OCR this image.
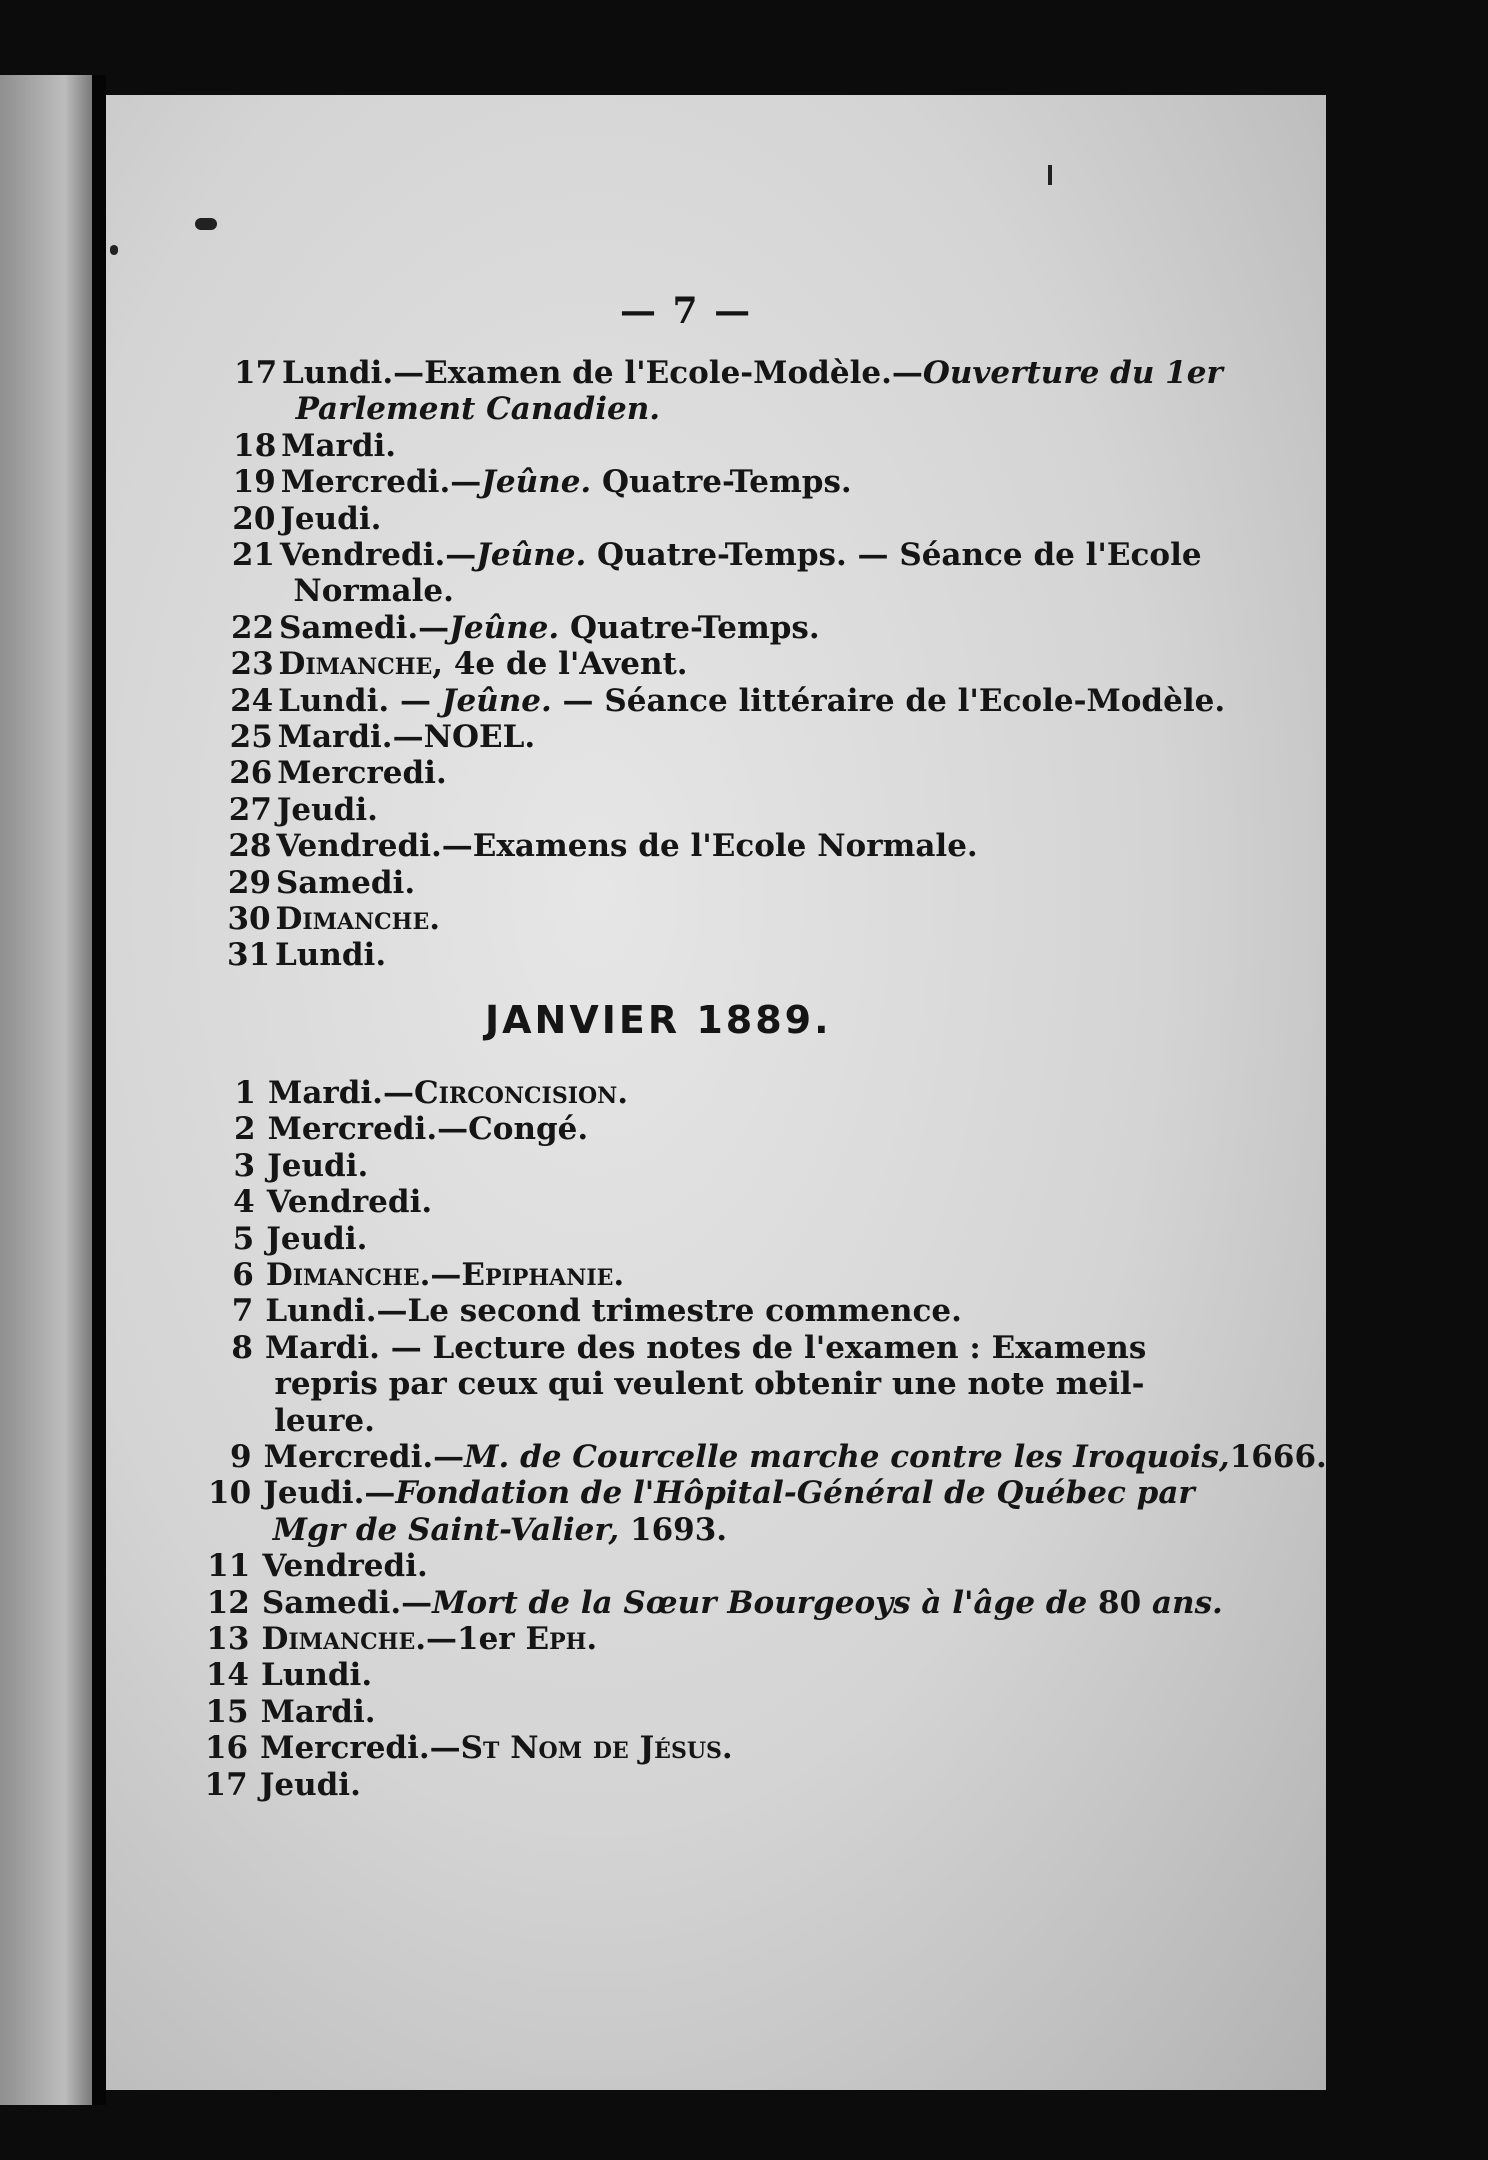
— 7 —
17 Lundi.—Examen de l'Ecole-Modèle.—Ouverture du 1er
Parlement Canadien.
18 Mardi.
19 Mercredi.—Jeûne. Quatre-Temps.
20 Jeudi.
21 Vendredi.—Jeûne. Quatre-Temps. — Séance de l'Ecole
Normale.
22 Samedi.—Jeûne. Quatre-Temps.
23 Dimanche, 4e de l'Avent.
24 Lundi. — Jeûne. — Séance littéraire de l'Ecole-Modèle.
25 Mardi.—NOEL.
26 Mercredi.
27 Jeudi.
28 Vendredi.—Examens de l'Ecole Normale.
29 Samedi.
30 Dimanche.
31 Lundi.
JANVIER 1889.
1 Mardi.—Circoncision.
2 Mercredi.—Congé.
3 Jeudi.
4 Vendredi.
5 Jeudi.
6 Dimanche.—Epiphanie.
7 Lundi.—Le second trimestre commence.
8 Mardi. — Lecture des notes de l'examen : Examens
repris par ceux qui veulent obtenir une note meil-
leure.
9 Mercredi.—M. de Courcelle marche contre les Iroquois,1666.
10 Jeudi.—Fondation de l'Hôpital-Général de Québec par
Mgr de Saint-Valier, 1693.
11 Vendredi.
12 Samedi.—Mort de la Sœur Bourgeoys à l'âge de 80 ans.
13 Dimanche.—1er Eph.
14 Lundi.
15 Mardi.
16 Mercredi.—St Nom de Jésus.
17 Jeudi.
